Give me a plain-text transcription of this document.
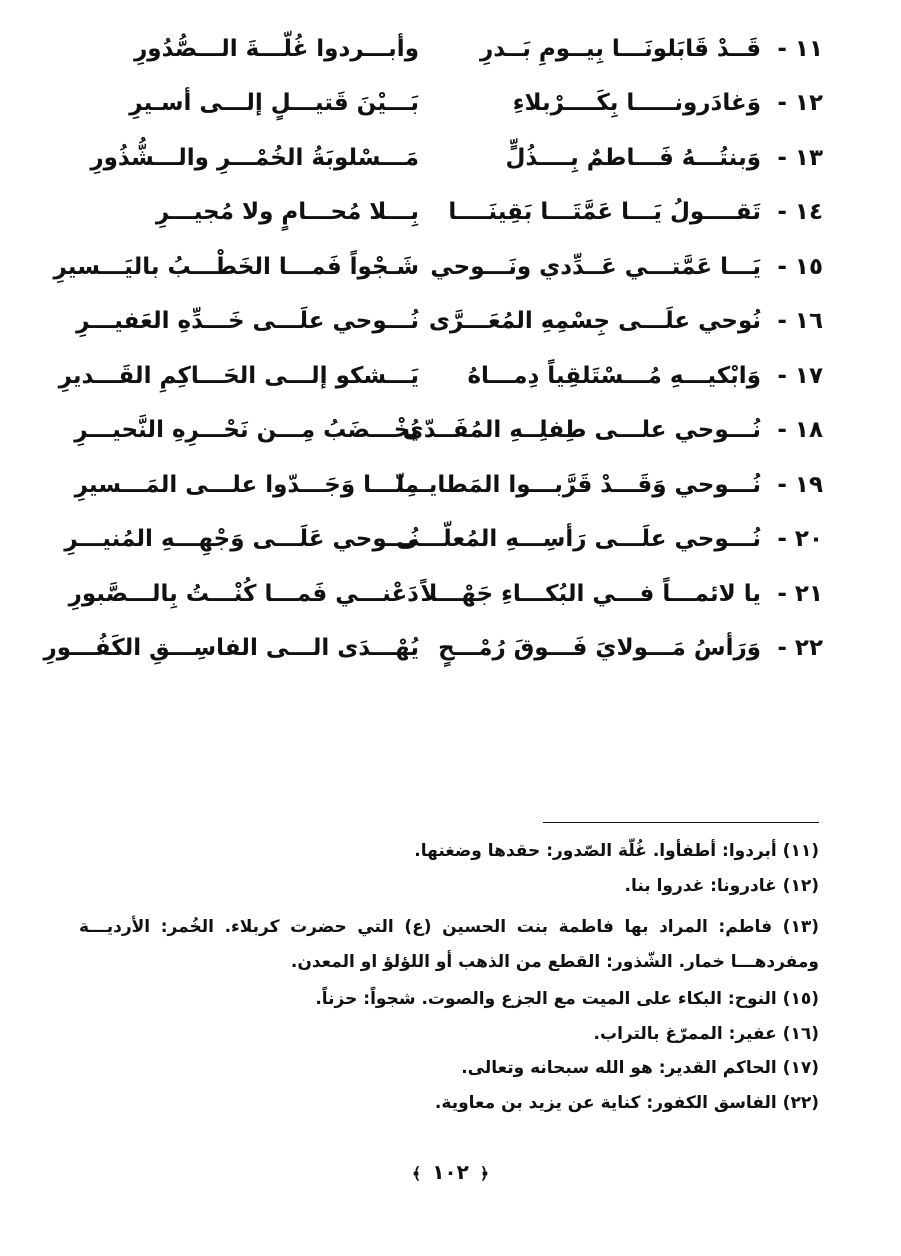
١١ -
قَــدْ قَابَلونَـــا بِيــومِ بَــدرِ
وأبـــردوا غُلّـــةَ الـــصُّدُورِ
١٢ -
وَغادَرونـــــا بِكَــــرْبلاءِ
بَـــيْنَ قَتيـــلٍ إلـــى أسـيرِ
١٣ -
وَبنتُـــهُ فَـــاطمٌ بِــــذُلٍّ
مَـــسْلوبَةُ الخُمْـــرِ والـــشُّذُورِ
١٤ -
تَقــــولُ يَـــا عَمَّتَـــا بَقِينَــــا
بِـــلا مُحـــامٍ ولا مُجيـــرِ
١٥ -
يَـــا عَمَّتـــي عَــدِّدي ونَـــوحي
شَـجْواً فَمـــا الخَطْـــبُ باليَـــسيرِ
١٦ -
نُوحي علَـــى جِسْمِهِ المُعَـــرَّى
نُـــوحي علَـــى خَـــدِّهِ العَفيـــرِ
١٧ -
وَابْكيـــهِ مُـــسْتَلقِياً دِمـــاهُ
يَـــشكو إلـــى الحَـــاكِمِ القَـــديرِ
١٨ -
نُـــوحي علـــى طِفلِــهِ المُفَــدّى
يُخْـــضَبُ مِـــن نَحْـــرِهِ النَّحيـــرِ
١٩ -
نُـــوحي وَقَـــدْ قَرَّبـــوا المَطايـــا
مِنّـــا وَجَـــدّوا علـــى المَـــسيرِ
٢٠ -
نُـــوحي علَـــى رَأسِـــهِ المُعلّـــى
نُـــوحي عَلَـــى وَجْهِـــهِ المُنيـــرِ
٢١ -
يا لائمـــاً فـــي البُكـــاءِ جَهْـــلاً
دَعْنـــي فَمـــا كُنْـــتُ بِالـــصَّبورِ
٢٢ -
وَرَأسُ مَـــولايَ فَـــوقَ رُمْـــحٍ
يُهْـــدَى الـــى الفاسِـــقِ الكَفُـــورِ

(١١) أبردوا: أطفأوا. غُلّة الصّدور: حقدها وضغنها.

(١٢) غادرونا: غدروا بنا.

(١٣) فاطم: المراد بها فاطمة بنت الحسين (ع) التي حضرت كربلاء. الخُمر: الأرديـــة ومفردهـــا خمار. الشّذور: القطع من الذهب أو اللؤلؤ او المعدن.

(١٥) النوح: البكاء على الميت مع الجزع والصوت. شجواً: حزناً.

(١٦) عفير: الممرّغ بالتراب.

(١٧) الحاكم القدير: هو الله سبحانه وتعالى.

(٢٢) الفاسق الكفور: كناية عن يزيد بن معاوية.

﴾ ١٠٢ ﴿
